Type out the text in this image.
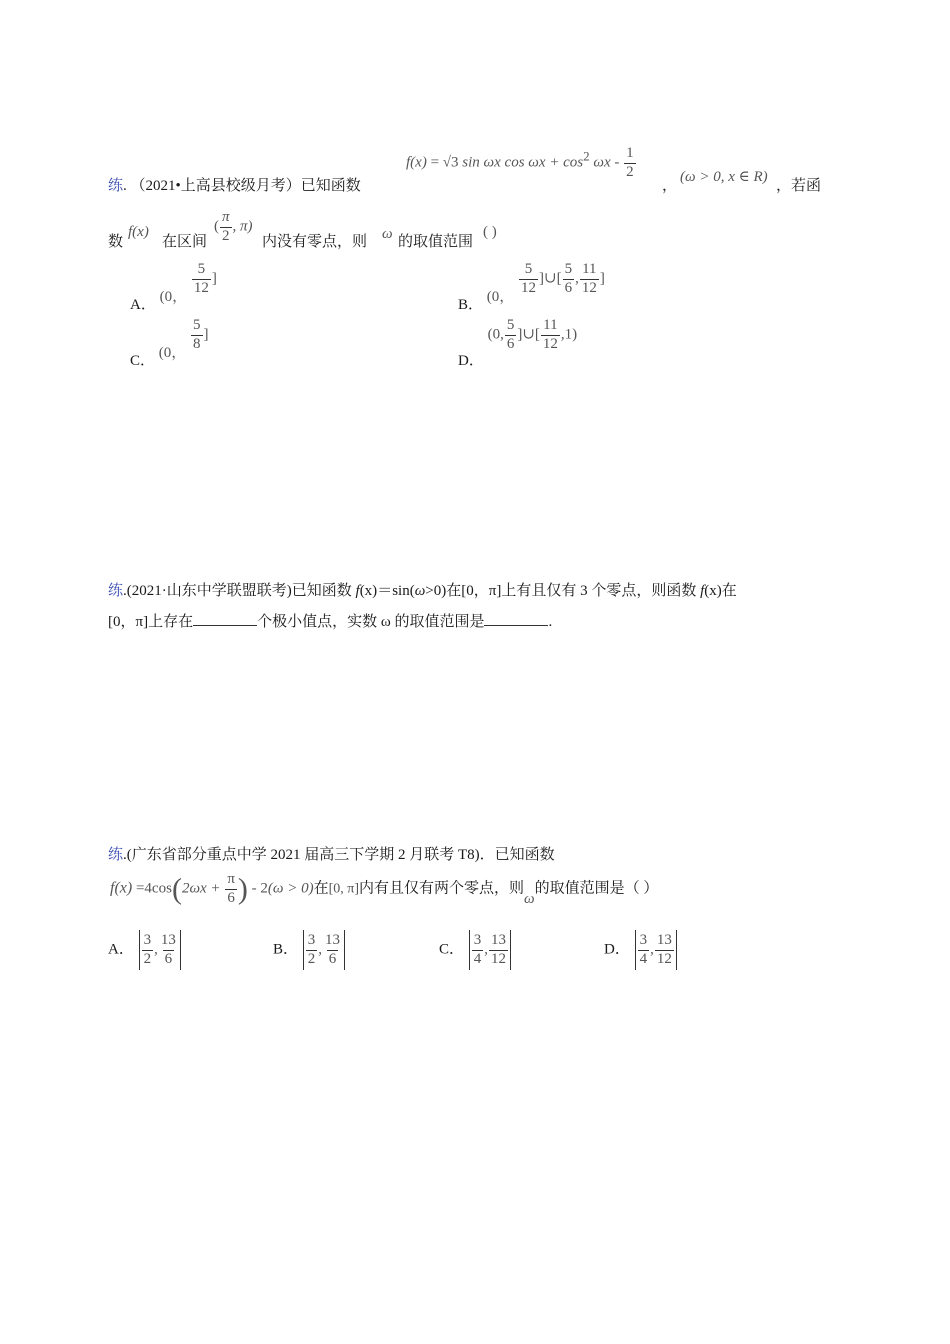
练. （2021•上高县校级月考）已知函数
f(x) = √3 sin ωx $\cos \omega x + \cos^2 \omega x - \frac{1}{2}$
，
(ω > 0, x ∈ R)
，若函
数
f(x)
在区间
( $\frac{\pi}{2}$ , π)
内没有零点，则 ω 的取值范围
( )
A． (0，
$\frac{5}{12}$ ]
B． (0，
$\frac{5}{12}$ ]∪[ $\frac{5}{6}$ , $\frac{11}{12}$ ]
C． (0，
$\frac{5}{8}$ ]
D． (0, $\frac{5}{6}$ ]∪[ $\frac{11}{12} ,1$)
练.(2021·山东中学联盟联考)已知函数 f(x)＝sin(ω>0)在[0，π]上有且仅有 3 个零点，则函数 f(x)在
[0，π]上存在	个极小值点，实数 ω 的取值范围是	.
练.(广东省部分重点中学 2021 届高三下学期 2 月联考 T8)．已知函数
$f(x) =4\cos(2\omega x + \frac{\pi}{6}$ ) - 2(ω > 0)在[0, π]内有且仅有两个零点，则ω的取值范围是（ ）
A． $\frac{3}{2}$ , $\frac{13}{6}$	B． $\frac{3}{2}$ , $\frac{13}{6}$	C． $\frac{3}{4}$ , $\frac{13}{12}$	D． $\frac{3}{4}$ , $\frac{13}{12}$
